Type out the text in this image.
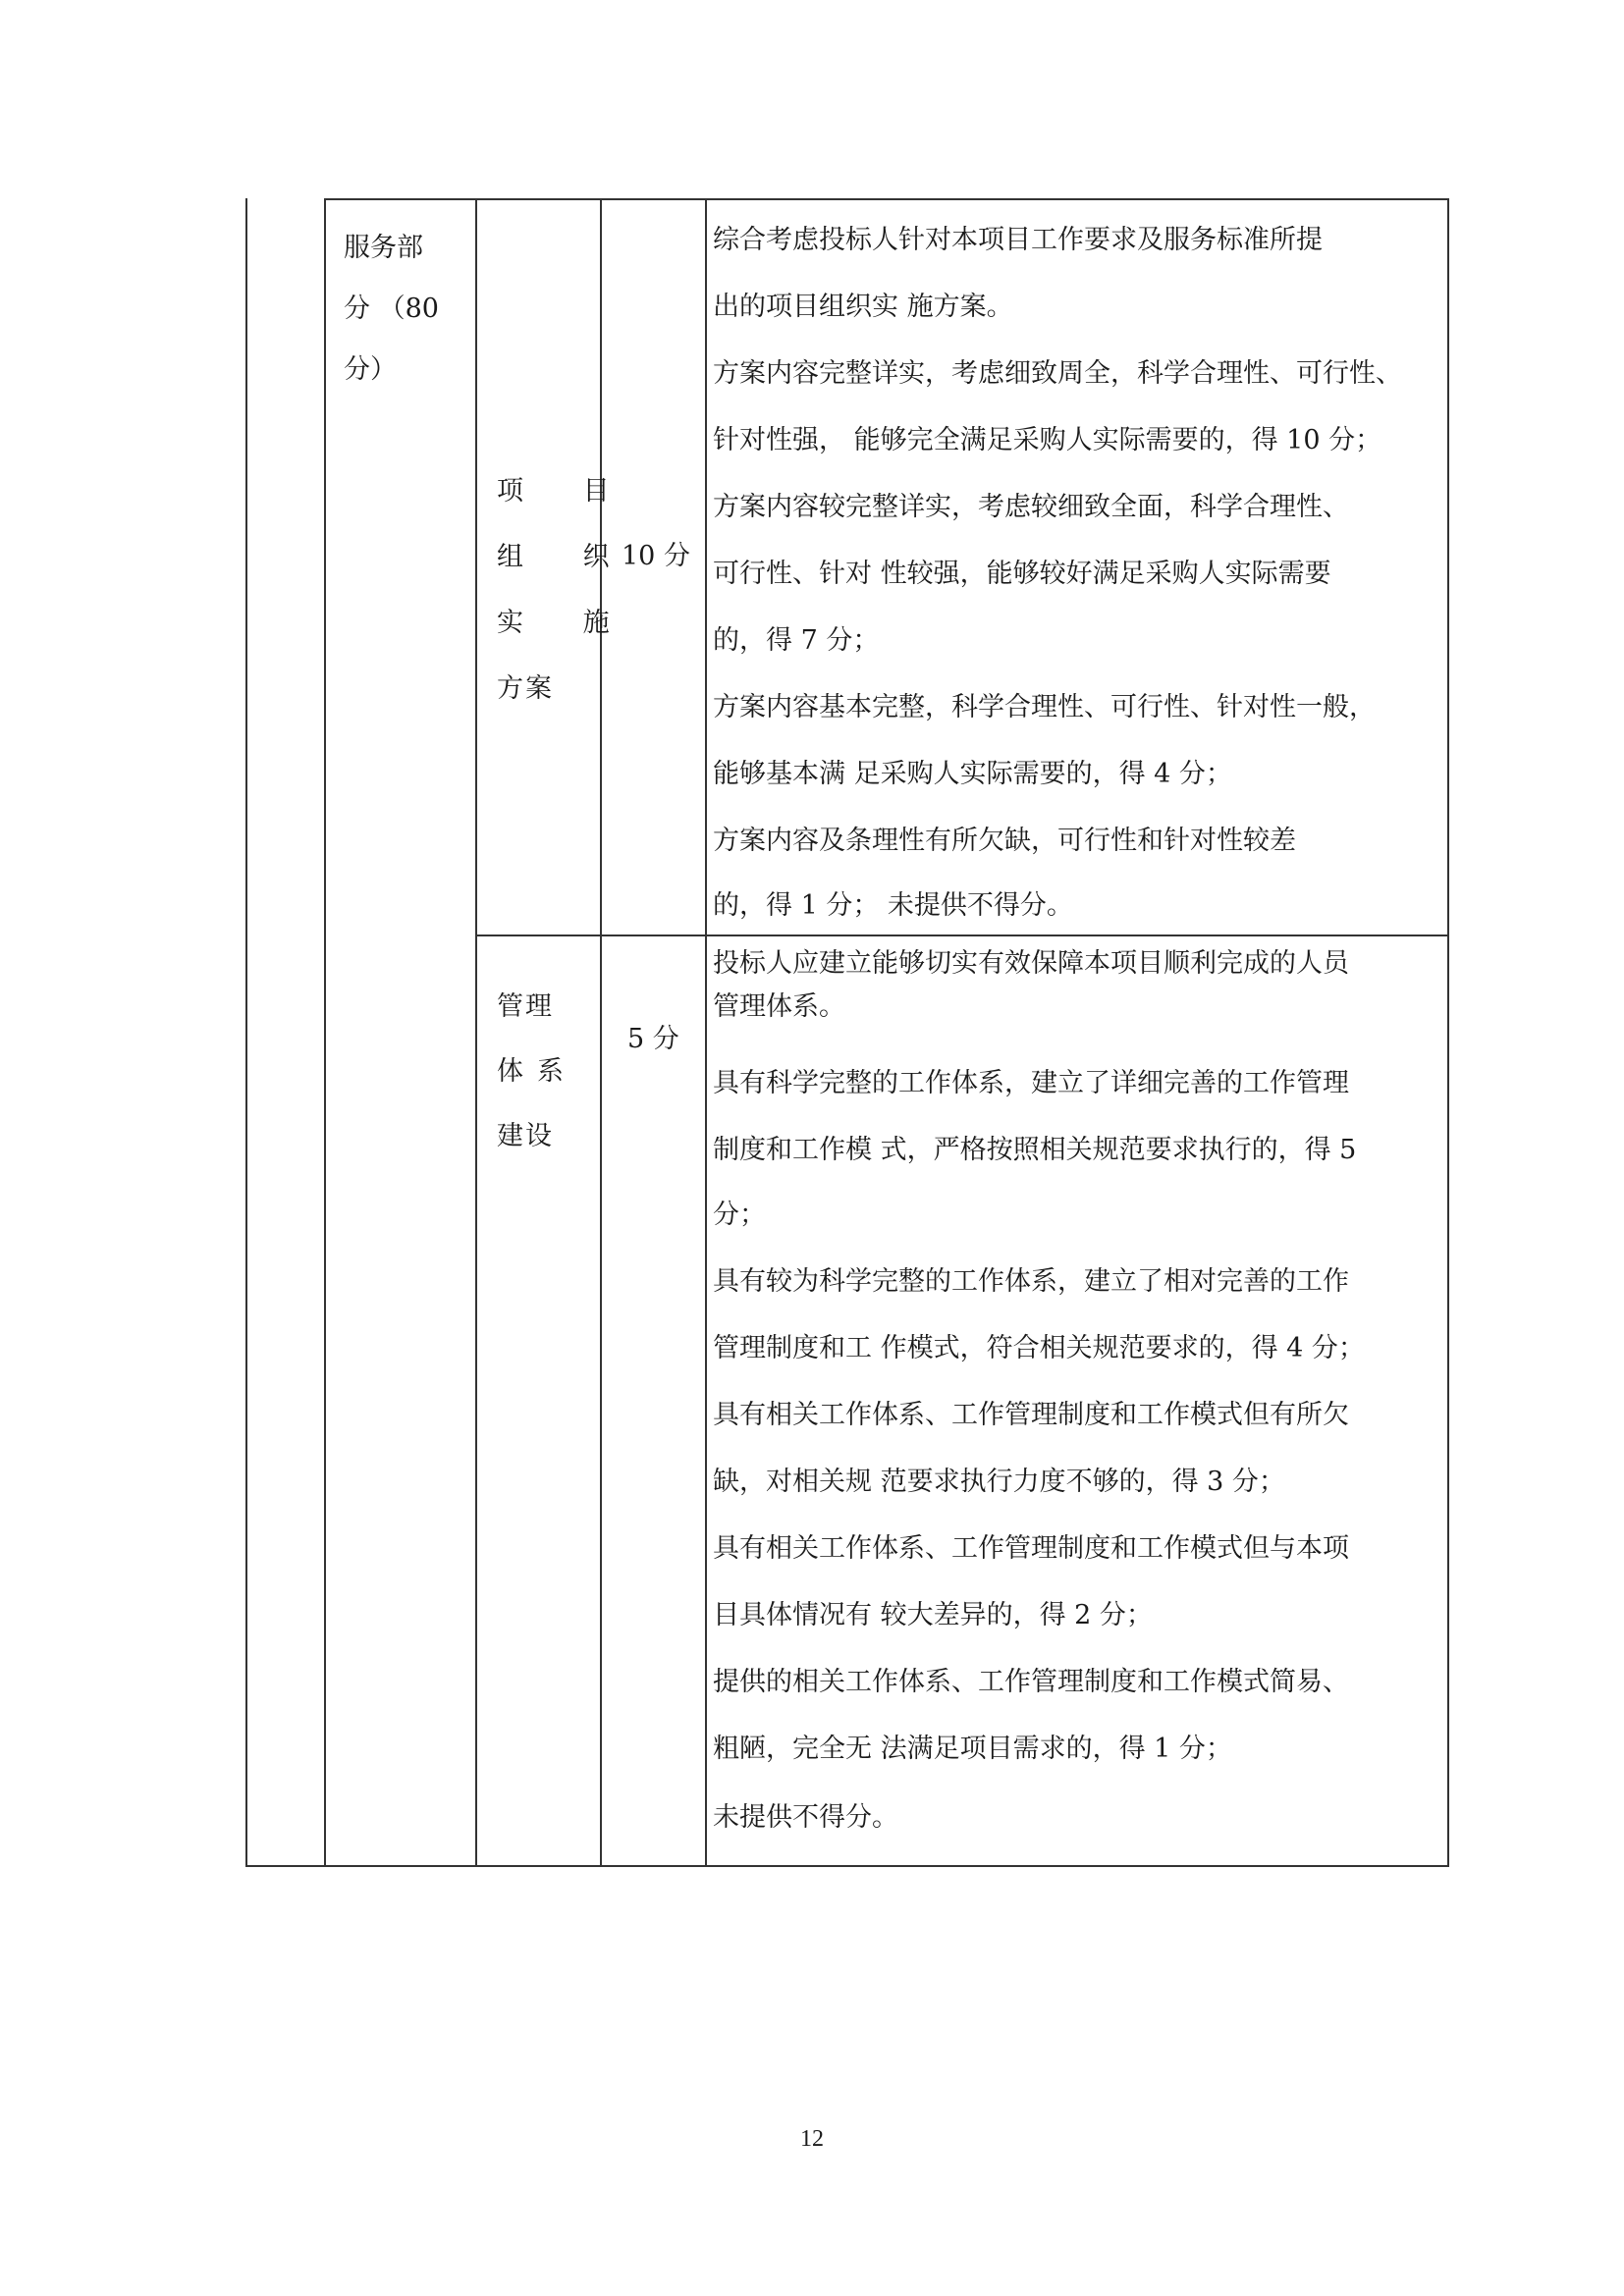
服务部
分 （80
分）
项 目
组 织
实 施
方案
10 分
综合考虑投标人针对本项目工作要求及服务标准所提
出的项目组织实 施方案。
方案内容完整详实，考虑细致周全，科学合理性、可行性、
针对性强， 能够完全满足采购人实际需要的，得 10 分；
方案内容较完整详实，考虑较细致全面，科学合理性、
可行性、针对 性较强，能够较好满足采购人实际需要
的，得 7 分；
方案内容基本完整，科学合理性、可行性、针对性一般，
能够基本满 足采购人实际需要的，得 4 分；
方案内容及条理性有所欠缺，可行性和针对性较差
的，得 1 分； 未提供不得分。
管理
体系
建设
5 分
投标人应建立能够切实有效保障本项目顺利完成的人员
管理体系。
具有科学完整的工作体系，建立了详细完善的工作管理
制度和工作模 式，严格按照相关规范要求执行的，得 5
分；
具有较为科学完整的工作体系，建立了相对完善的工作
管理制度和工 作模式，符合相关规范要求的，得 4 分；
具有相关工作体系、工作管理制度和工作模式但有所欠
缺，对相关规 范要求执行力度不够的，得 3 分；
具有相关工作体系、工作管理制度和工作模式但与本项
目具体情况有 较大差异的，得 2 分；
提供的相关工作体系、工作管理制度和工作模式简易、
粗陋，完全无 法满足项目需求的，得 1 分；
未提供不得分。
12
